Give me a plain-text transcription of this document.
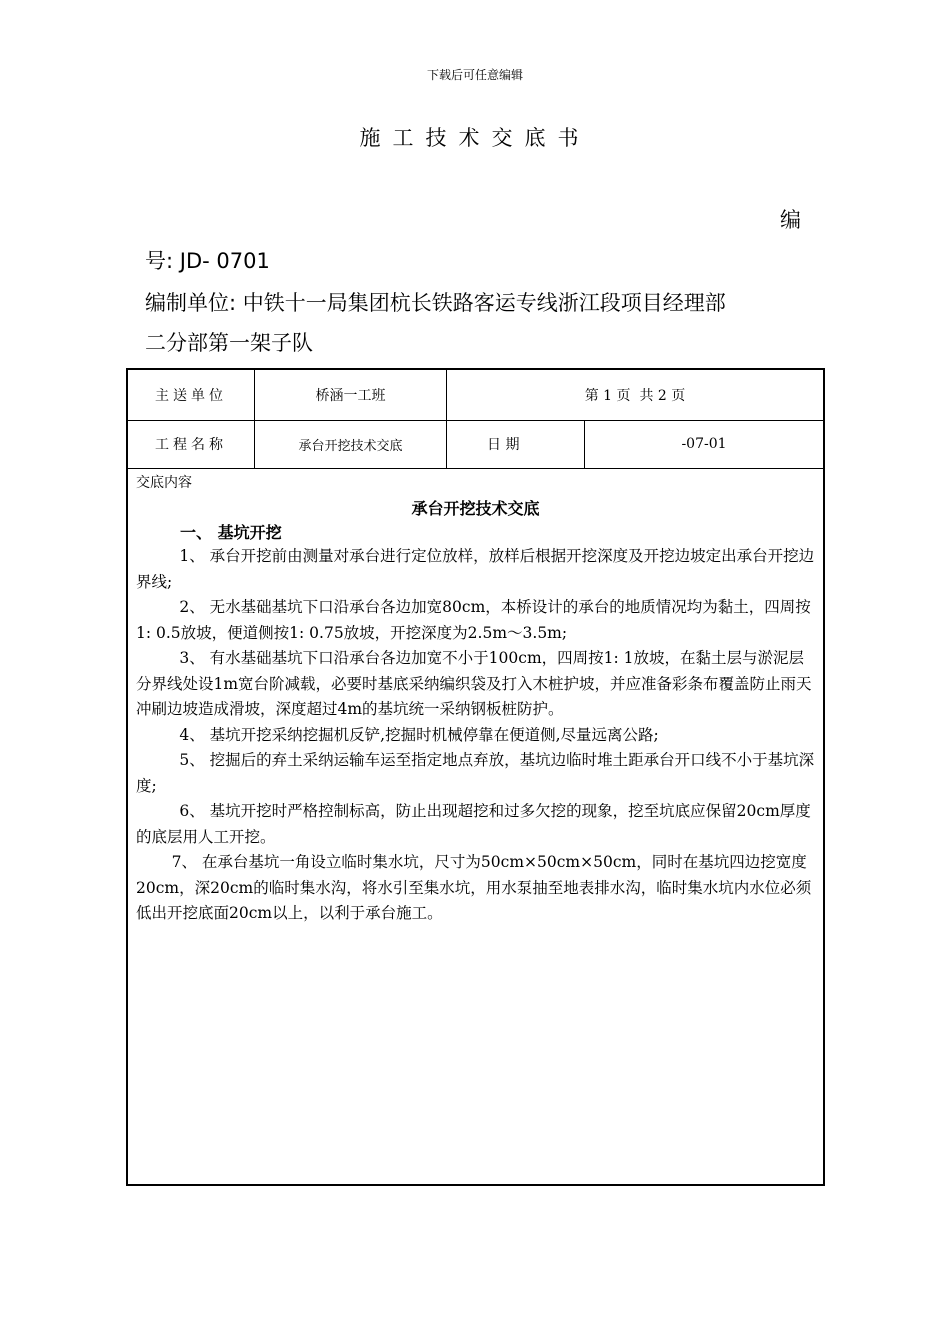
下载后可任意编辑
施工技术交底书
编
号: JD- 0701
编制单位: 中铁十一局集团杭长铁路客运专线浙江段项目经理部
二分部第一架子队
主送单位	桥涵一工班	第 1 页  共 2 页
工程名称	承台开挖技术交底	日 期	-07-01
交底内容
承台开挖技术交底
一、 基坑开挖

1、 承台开挖前由测量对承台进行定位放样，放样后根据开挖深度及开挖边坡定出承台开挖边界线;

2、 无水基础基坑下口沿承台各边加宽80cm，本桥设计的承台的地质情况均为黏土，四周按1: 0.5放坡，便道侧按1: 0.75放坡，开挖深度为2.5m～3.5m;

3、 有水基础基坑下口沿承台各边加宽不小于100cm，四周按1: 1放坡，在黏土层与淤泥层分界线处设1m宽台阶减载，必要时基底采纳编织袋及打入木桩护坡，并应准备彩条布覆盖防止雨天冲刷边坡造成滑坡，深度超过4m的基坑统一采纳钢板桩防护。

4、 基坑开挖采纳挖掘机反铲,挖掘时机械停靠在便道侧,尽量远离公路;

5、 挖掘后的弃土采纳运输车运至指定地点弃放，基坑边临时堆土距承台开口线不小于基坑深度;

6、 基坑开挖时严格控制标高，防止出现超挖和过多欠挖的现象，挖至坑底应保留20cm厚度的底层用人工开挖。

7、 在承台基坑一角设立临时集水坑，尺寸为50cm×50cm×50cm，同时在基坑四边挖宽度20cm，深20cm的临时集水沟，将水引至集水坑，用水泵抽至地表排水沟，临时集水坑内水位必须低出开挖底面20cm以上，以利于承台施工。
